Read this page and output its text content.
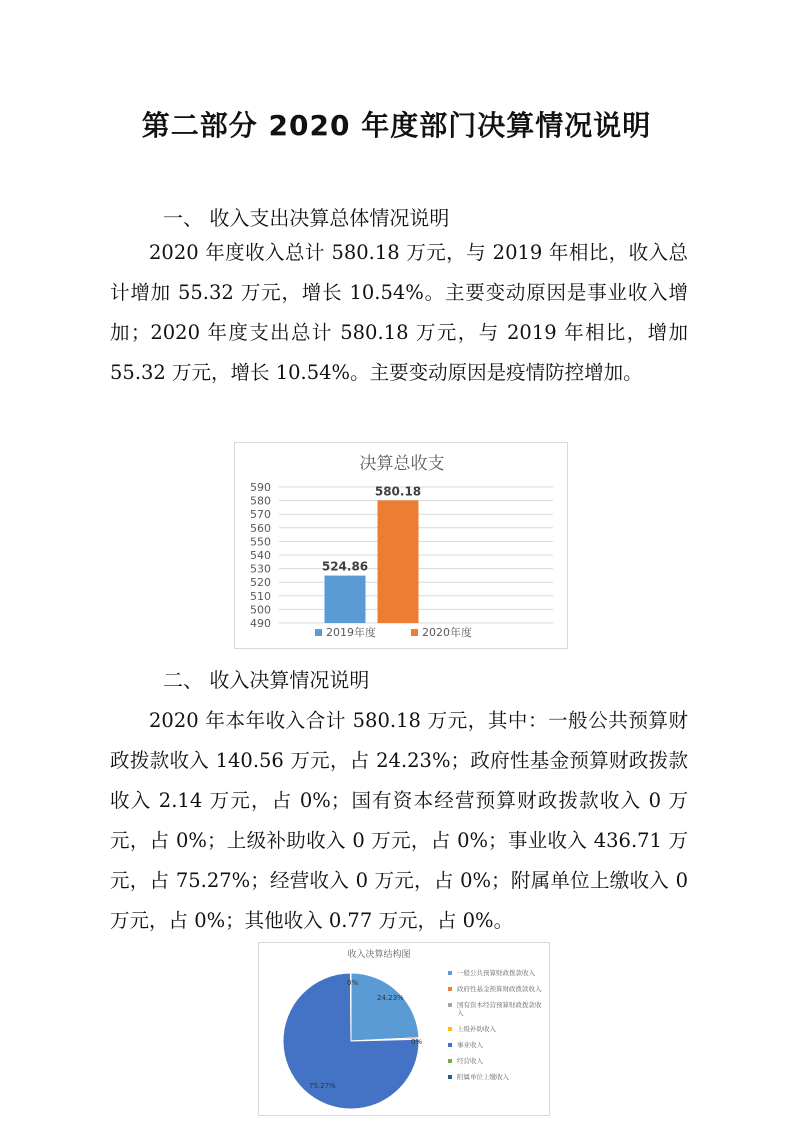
第二部分 2020 年度部门决算情况说明
一、 收入支出决算总体情况说明
2020 年度收入总计 580.18 万元，与 2019 年相比，收入总计增加 55.32 万元，增长 10.54%。主要变动原因是事业收入增加；2020 年度支出总计 580.18 万元，与 2019 年相比，增加 55.32 万元，增长 10.54%。主要变动原因是疫情防控增加。
决算总收支
490
500
510
520
530
540
550
560
570
580
590
524.86
580.18
2019年度	2020年度
二、 收入决算情况说明
2020 年本年收入合计 580.18 万元，其中：一般公共预算财政拨款收入 140.56 万元，占 24.23%；政府性基金预算财政拨款收入 2.14 万元，占 0%；国有资本经营预算财政拨款收入 0 万元，占 0%；上级补助收入 0 万元，占 0%；事业收入 436.71 万元，占 75.27%；经营收入 0 万元，占 0%；附属单位上缴收入 0 万元，占 0%；其他收入 0.77 万元，占 0%。
收入决算结构图
24.23%
0%
0%
75.27%
一般公共预算财政拨款收入
政府性基金预算财政拨款收入
国有资本经营预算财政拨款收入
上级补助收入
事业收入
经营收入
附属单位上缴收入
